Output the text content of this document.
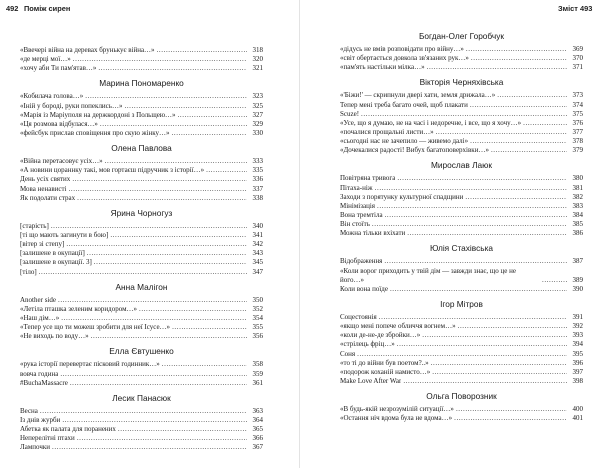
492 Поміж сирен
«Ввечері війна на деревах брунькує війна…» .....	318
«де мерці мої…» .....	320
«хочу аби Ти пам'ятав…» .....	321
Марина Пономаренко
«Кобилача голова…» .....	323
«Іній у бороді, руки попеклись…» .....	325
«Марія із Маріуполя на держкордоні з Польщею…» .....	327
«Ця розмова відбулася…» .....	329
«фейсбук прислав сповіщення про скую жінку…» .....	330
Олена Павлова
«Війна перетасовує усіх…» .....	333
«А новини цораннку такі, мов гортаєш підручник з історії…» .....	335
День усіх святих .....	336
Мова ненависті .....	337
Як подолати страх .....	338
Ярина Чорногуз
[старість] .....	340
[ті що мають загинути в бою] .....	341
[вітер зі степу] .....	342
[залишене в окупації] .....	343
[залишене в окупації. 3] .....	345
[тіло] .....	347
Анна Малігон
Another side .....	350
«Летіла пташка зеленим коридором…» .....	352
«Наш дім…» .....	354
«Тепер усе що ти можеш зробити для неї Ісусе…» .....	355
«Не виходь по воду…» .....	356
Елла Євтушенко
«рука історії перевертає пісковий годинник…» .....	358
вовча година .....	359
#BuchaMassacre .....	361
Лесик Панасюк
Весна .....	363
Із днів журби .....	364
Абетка як палата для поранених .....	365
Неперелітні птахи .....	366
Лампочки .....	367
Зміст 493
Богдан-Олег Горобчук
«дідусь не вмів розповідати про війну…» .....	369
«світ обертається довкола зв'язаних рук…» .....	370
«пам'ять настільки мілка…» .....	371
Вікторія Черняхівська
«'Біжи!' — скрипнули двері хати, земля дрижала…» .....	373
Тепер мені треба багато очей, щоб плакати .....	374
Scuze! .....	375
«Усе, що я думаю, не на часі і недоречне, і все, що я хочу…» .....	376
«почалися прощальні листи…» .....	377
«сьогодні нас не зачепило — живемо далі» .....	378
«Дочекалися радості! Вибух багатоповерхівки…» .....	379
Мирослав Лаюк
Повітряна тривога .....	380
Пітаха-ніж .....	381
Заходи з порятунку культурної спадщини .....	382
Мінімізація .....	383
Вона тремтіла .....	384
Він стоїть .....	385
Можна тільки вхіхати .....	386
Юлія Стахівська
Відображення .....	387
«Коли ворог приходить у твій дім — завжди знає, що це не його…» .....	389
Коли вона поїде .....	390
Ігор Мітров
Соцестоянія .....	391
«якщо мені попече обличчя вогнем…» .....	392
«коли де-не-де збройки…» .....	393
«стрілець фріц…» .....	394
Соня .....	395
«то ті до війни був поетом?..» .....	396
«подорож коханій намисто…» .....	397
Make Love After War .....	398
Ольга Поворозник
«В будь-якій незрозумілій ситуації…» .....	400
«Остання ніч вдома була не вдома…» .....	401
